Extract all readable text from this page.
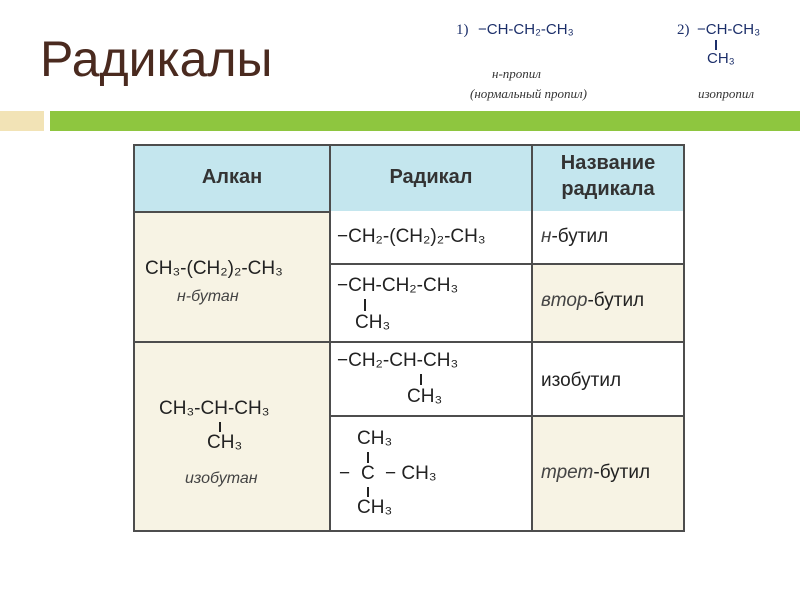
Радикалы
1) −CH-CH₂-CH₃
н-пропил
(нормальный пропил)
2) −CH-CH₃
CH₃
изопропил
Алкан	Радикал
Название
радикала
CH₃-(CH₂)₂-CH₃
н-бутан
−CH₂-(CH₂)₂-CH₃	н-бутил
−CH-CH₂-CH₃
CH₃
втор-бутил
CH₃-CH-CH₃
CH₃
изобутан
−CH₂-CH-CH₃
CH₃
изобутил
CH₃
− C − CH₃
CH₃
трет-бутил
